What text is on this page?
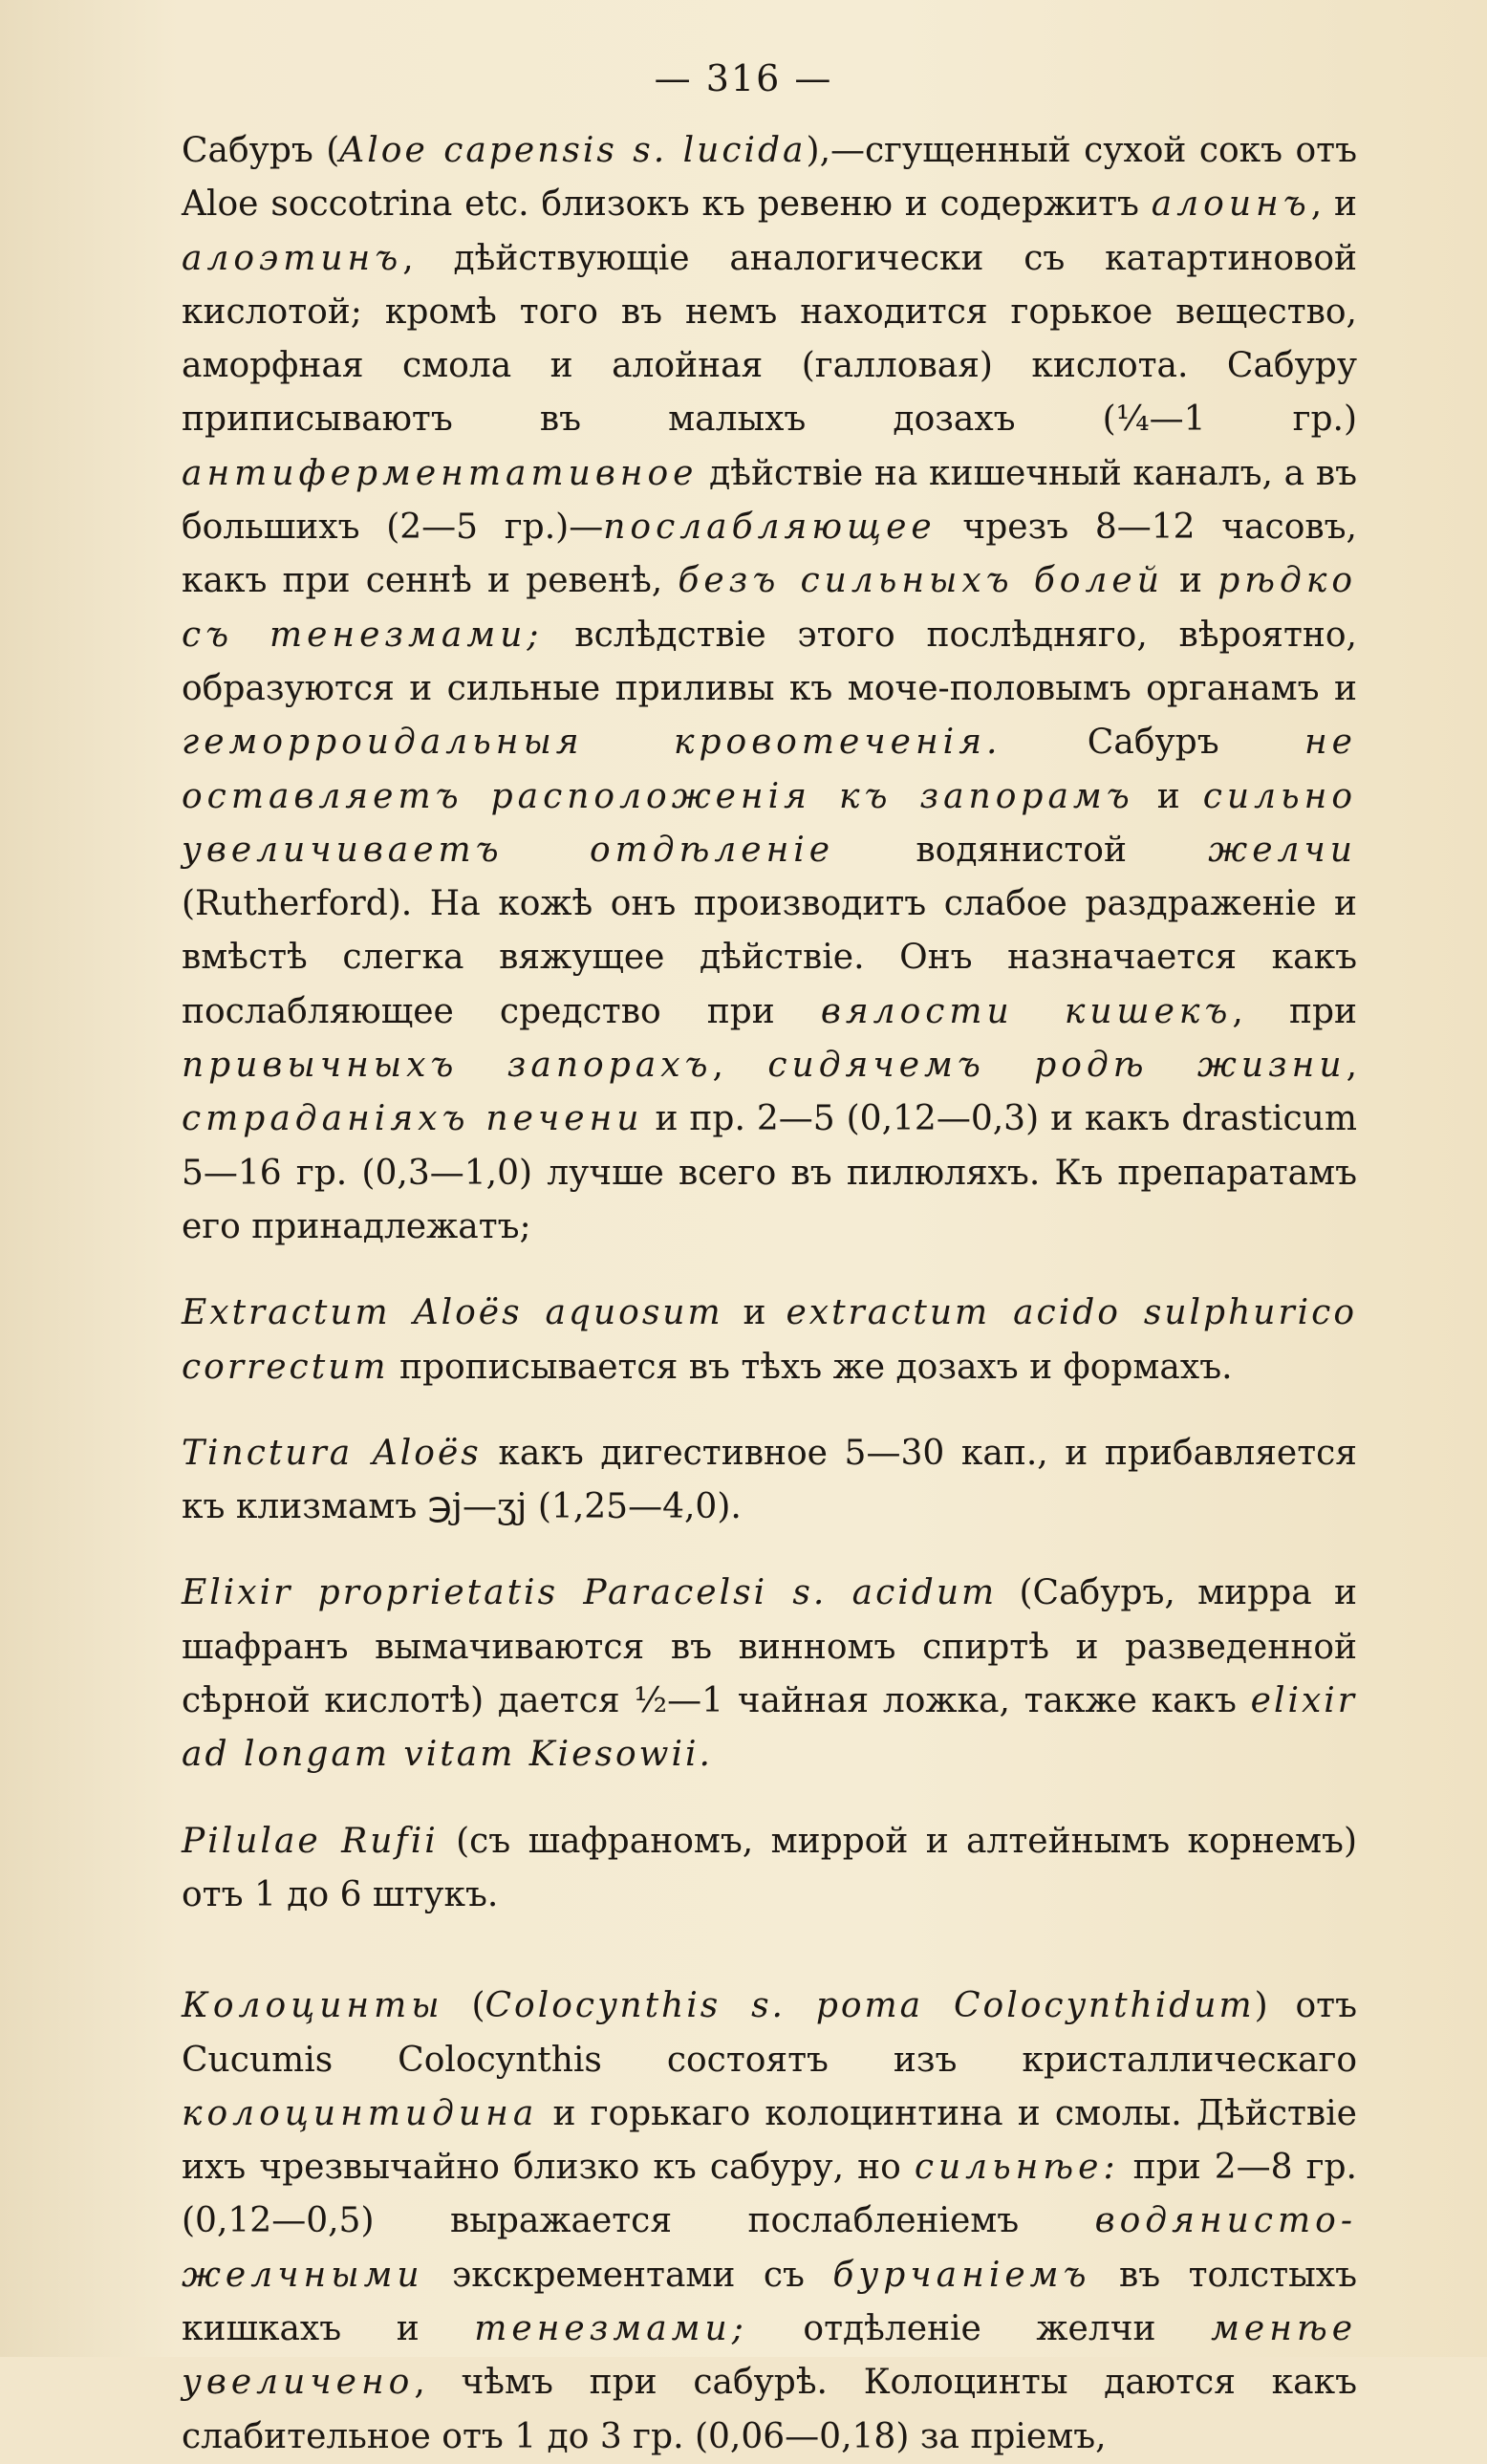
— 316 —

Сабуръ (Aloe capensis s. lucida),—сгущенный сухой сокъ отъ Aloe soccotrina etc. близокъ къ ревеню и содержитъ алоинъ, и алоэтинъ, дѣйствующіе аналогически съ катартиновой кислотой; кромѣ того въ немъ находится горькое вещество, аморфная смола и алойная (галловая) кислота. Сабуру приписываютъ въ малыхъ дозахъ (¼—1 гр.) антиферментативное дѣйствіе на кишечный каналъ, а въ большихъ (2—5 гр.)—послабляющее чрезъ 8—12 часовъ, какъ при сеннѣ и ревенѣ, безъ сильныхъ болей и рѣдко съ тенезмами; вслѣдствіе этого послѣдняго, вѣроятно, образуются и сильные приливы къ моче-половымъ органамъ и геморроидальныя кровотеченія. Сабуръ не оставляетъ расположенія къ запорамъ и сильно увеличиваетъ отдѣленіе водянистой желчи (Rutherford). На кожѣ онъ производитъ слабое раздраженіе и вмѣстѣ слегка вяжущее дѣйствіе. Онъ назначается какъ послабляющее средство при вялости кишекъ, при привычныхъ запорахъ, сидячемъ родѣ жизни, страданіяхъ печени и пр. 2—5 (0,12—0,3) и какъ drasticum 5—16 гр. (0,3—1,0) лучше всего въ пилюляхъ. Къ препаратамъ его принадлежатъ;

Extractum Aloës aquosum и extractum acido sulphurico correctum прописывается въ тѣхъ же дозахъ и формахъ.

Tinctura Aloës какъ дигестивное 5—30 кап., и прибавляется къ клизмамъ ℈j—ʒj (1,25—4,0).

Elixir proprietatis Paracelsi s. acidum (Сабуръ, мирра и шафранъ вымачиваются въ винномъ спиртѣ и разведенной сѣрной кислотѣ) дается ½—1 чайная ложка, также какъ elixir ad longam vitam Kiesowii.

Pilulae Rufii (съ шафраномъ, миррой и алтейнымъ корнемъ) отъ 1 до 6 штукъ.

Колоцинты (Colocynthis s. poma Colocynthidum) отъ Cucumis Colocynthis состоятъ изъ кристаллическаго колоцинтидина и горькаго колоцинтина и смолы. Дѣйствіе ихъ чрезвычайно близко къ сабуру, но сильнѣе: при 2—8 гр. (0,12—0,5) выражается послабленіемъ водянисто-желчными экскрементами съ бурчаніемъ въ толстыхъ кишкахъ и тенезмами; отдѣленіе желчи менѣе увеличено, чѣмъ при сабурѣ. Колоцинты даются какъ слабительное отъ 1 до 3 гр. (0,06—0,18) за пріемъ,
